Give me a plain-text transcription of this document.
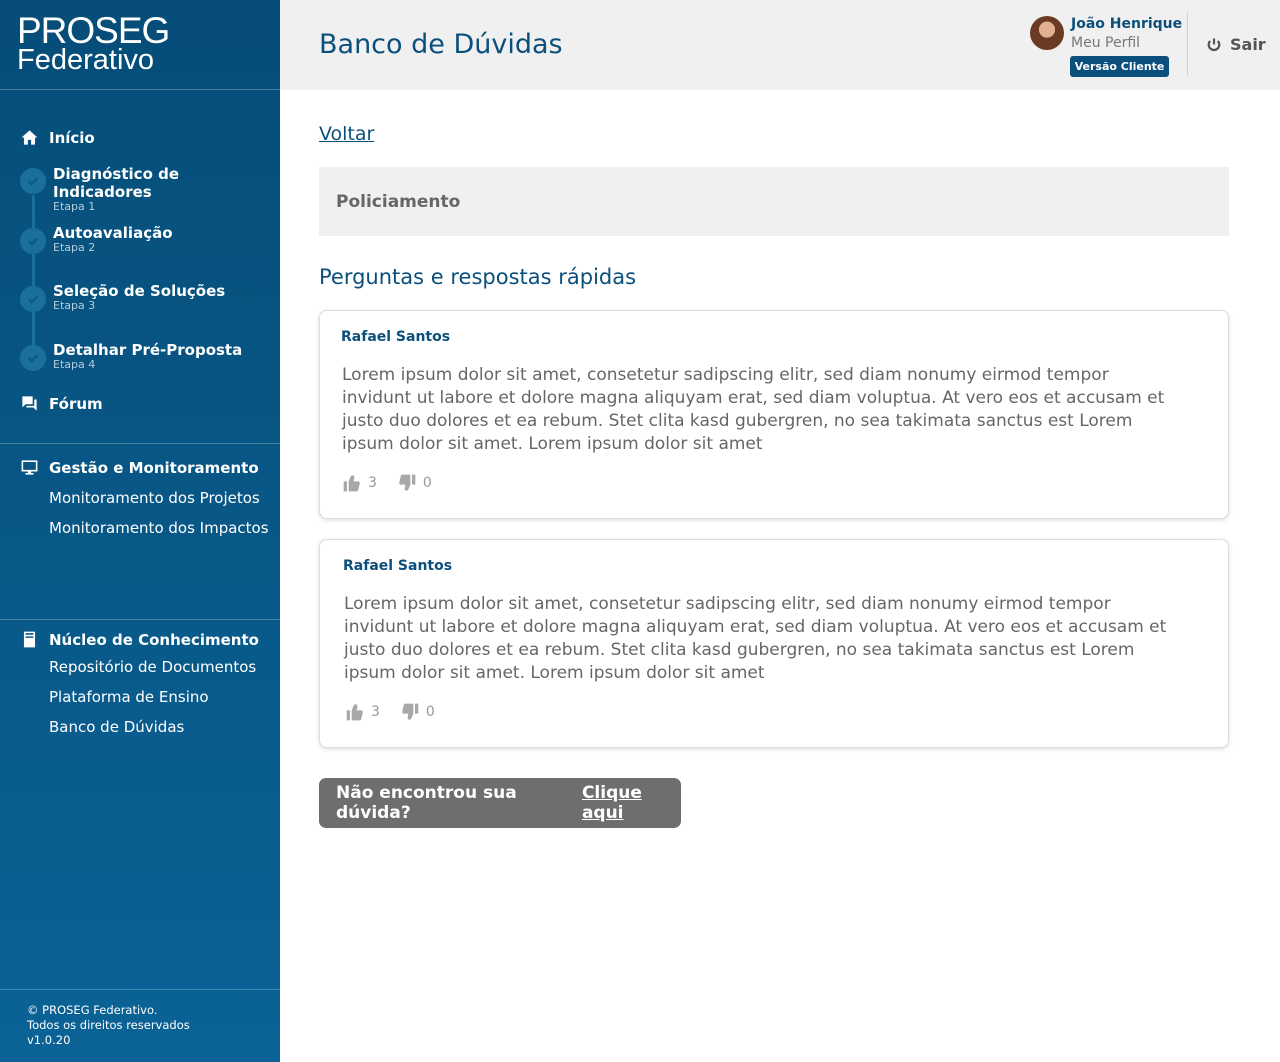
PROSEG
Federativo
Início
Diagnóstico de Indicadores
Etapa 1
Autoavaliação
Etapa 2
Seleção de Soluções
Etapa 3
Detalhar Pré-Proposta
Etapa 4
Fórum
Gestão e Monitoramento
Monitoramento dos Projetos
Monitoramento dos Impactos
Núcleo de Conhecimento
Repositório de Documentos
Plataforma de Ensino
Banco de Dúvidas
© PROSEG Federativo.
Todos os direitos reservados
v1.0.20
Banco de Dúvidas
João Henrique
Meu Perfil
Versão Cliente
Sair
Voltar
Policiamento
Perguntas e respostas rápidas
Rafael Santos
Lorem ipsum dolor sit amet, consetetur sadipscing elitr, sed diam nonumy eirmod tempor invidunt ut labore et dolore magna aliquyam erat, sed diam voluptua. At vero eos et accusam et justo duo dolores et ea rebum. Stet clita kasd gubergren, no sea takimata sanctus est Lorem ipsum dolor sit amet. Lorem ipsum dolor sit amet
3	0
Rafael Santos
Lorem ipsum dolor sit amet, consetetur sadipscing elitr, sed diam nonumy eirmod tempor invidunt ut labore et dolore magna aliquyam erat, sed diam voluptua. At vero eos et accusam et justo duo dolores et ea rebum. Stet clita kasd gubergren, no sea takimata sanctus est Lorem ipsum dolor sit amet. Lorem ipsum dolor sit amet
3	0
Não encontrou sua dúvida?
Clique aqui
